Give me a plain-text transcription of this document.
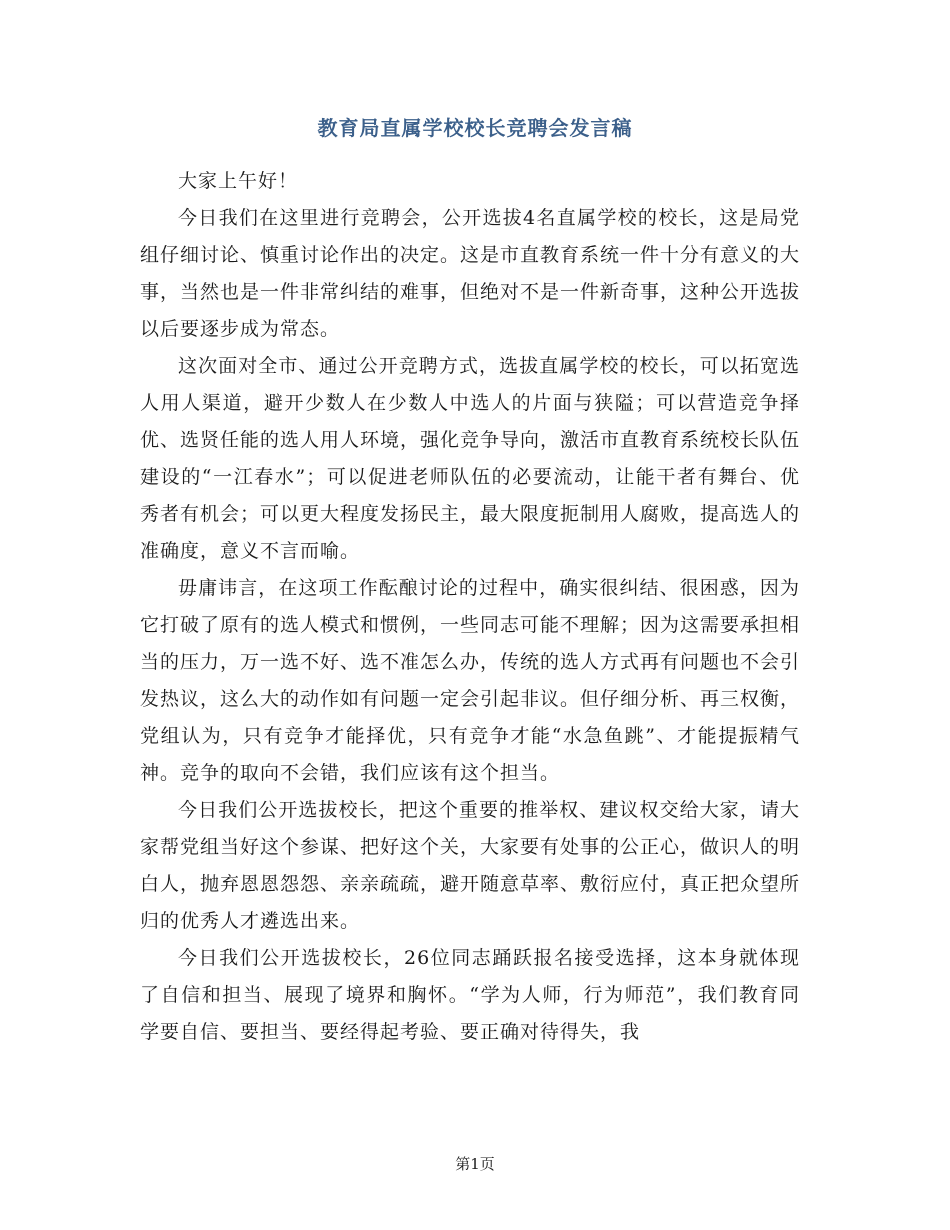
教育局直属学校校长竞聘会发言稿

大家上午好！

今日我们在这里进行竞聘会，公开选拔4名直属学校的校长，这是局党组仔细讨论、慎重讨论作出的决定。这是市直教育系统一件十分有意义的大事，当然也是一件非常纠结的难事，但绝对不是一件新奇事，这种公开选拔以后要逐步成为常态。

这次面对全市、通过公开竞聘方式，选拔直属学校的校长，可以拓宽选人用人渠道，避开少数人在少数人中选人的片面与狭隘；可以营造竞争择优、选贤任能的选人用人环境，强化竞争导向，激活市直教育系统校长队伍建设的“一江春水”；可以促进老师队伍的必要流动，让能干者有舞台、优秀者有机会；可以更大程度发扬民主，最大限度扼制用人腐败，提高选人的准确度，意义不言而喻。

毋庸讳言，在这项工作酝酿讨论的过程中，确实很纠结、很困惑，因为它打破了原有的选人模式和惯例，一些同志可能不理解；因为这需要承担相当的压力，万一选不好、选不准怎么办，传统的选人方式再有问题也不会引发热议，这么大的动作如有问题一定会引起非议。但仔细分析、再三权衡，党组认为，只有竞争才能择优，只有竞争才能“水急鱼跳”、才能提振精气神。竞争的取向不会错，我们应该有这个担当。

今日我们公开选拔校长，把这个重要的推举权、建议权交给大家，请大家帮党组当好这个参谋、把好这个关，大家要有处事的公正心，做识人的明白人，抛弃恩恩怨怨、亲亲疏疏，避开随意草率、敷衍应付，真正把众望所归的优秀人才遴选出来。

今日我们公开选拔校长，26位同志踊跃报名接受选择，这本身就体现了自信和担当、展现了境界和胸怀。“学为人师，行为师范”，我们教育同学要自信、要担当、要经得起考验、要正确对待得失，我

第1页
